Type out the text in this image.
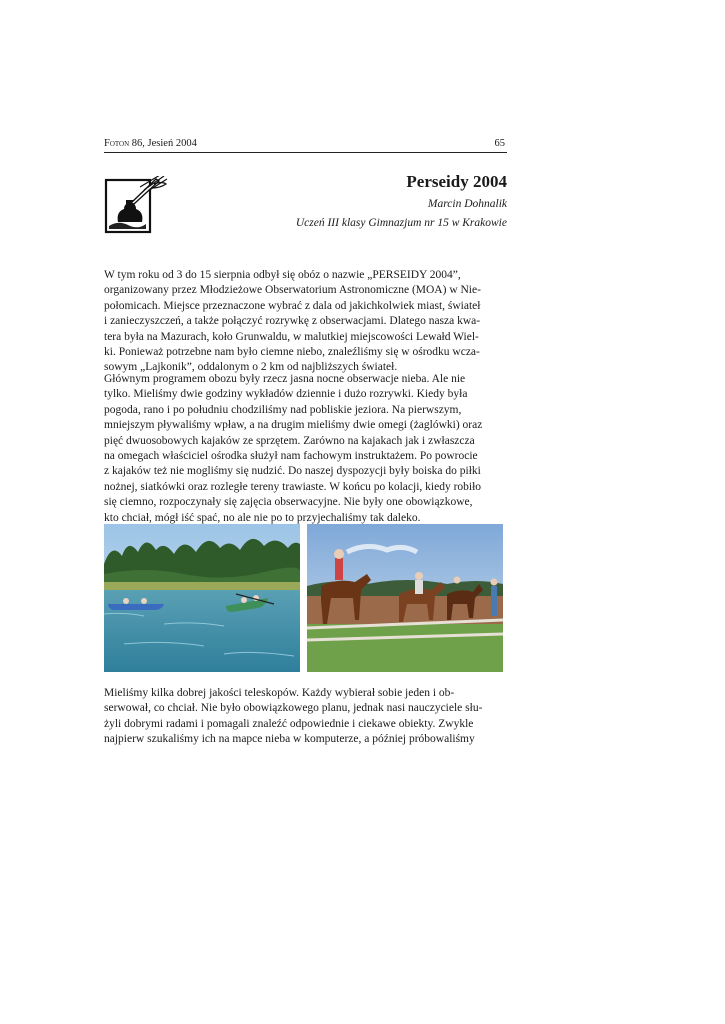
Foton 86, Jesień 2004	65
Perseidy 2004
Marcin Dohnalik
Uczeń III klasy Gimnazjum nr 15 w Krakowie

W tym roku od 3 do 15 sierpnia odbył się obóz o nazwie „PERSEIDY 2004”,
organizowany przez Młodzieżowe Obserwatorium Astronomiczne (MOA) w Nie-
połomicach. Miejsce przeznaczone wybrać z dala od jakichkolwiek miast, świateł
i zanieczyszczeń, a także połączyć rozrywkę z obserwacjami. Dlatego nasza kwa-
tera była na Mazurach, koło Grunwaldu, w malutkiej miejscowości Lewałd Wiel-
ki. Ponieważ potrzebne nam było ciemne niebo, znaleźliśmy się w ośrodku wcza-
sowym „Lajkonik”, oddalonym o 2 km od najbliższych świateł.

Głównym programem obozu były rzecz jasna nocne obserwacje nieba. Ale nie
tylko. Mieliśmy dwie godziny wykładów dziennie i dużo rozrywki. Kiedy była
pogoda, rano i po południu chodziliśmy nad pobliskie jeziora. Na pierwszym,
mniejszym pływaliśmy wpław, a na drugim mieliśmy dwie omegi (żaglówki) oraz
pięć dwuosobowych kajaków ze sprzętem. Zarówno na kajakach jak i zwłaszcza
na omegach właściciel ośrodka służył nam fachowym instruktażem. Po powrocie
z kajaków też nie mogliśmy się nudzić. Do naszej dyspozycji były boiska do piłki
nożnej, siatkówki oraz rozległe tereny trawiaste. W końcu po kolacji, kiedy robiło
się ciemno, rozpoczynały się zajęcia obserwacyjne. Nie były one obowiązkowe,
kto chciał, mógł iść spać, no ale nie po to przyjechaliśmy tak daleko.

Mieliśmy kilka dobrej jakości teleskopów. Każdy wybierał sobie jeden i ob-
serwował, co chciał. Nie było obowiązkowego planu, jednak nasi nauczyciele słu-
żyli dobrymi radami i pomagali znaleźć odpowiednie i ciekawe obiekty. Zwykle
najpierw szukaliśmy ich na mapce nieba w komputerze, a później próbowaliśmy
